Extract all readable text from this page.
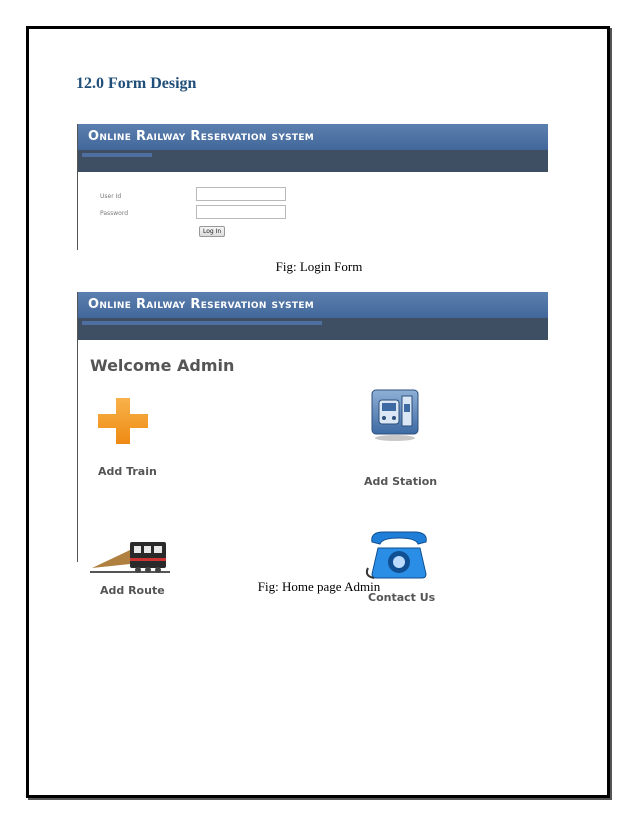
12.0 Form Design
Online Railway Reservation system
User Id
Password
Log In
Fig: Login Form
Online Railway Reservation system
Welcome Admin
Add Train
Add Station
Add Route
Contact Us
Fig: Home page Admin
